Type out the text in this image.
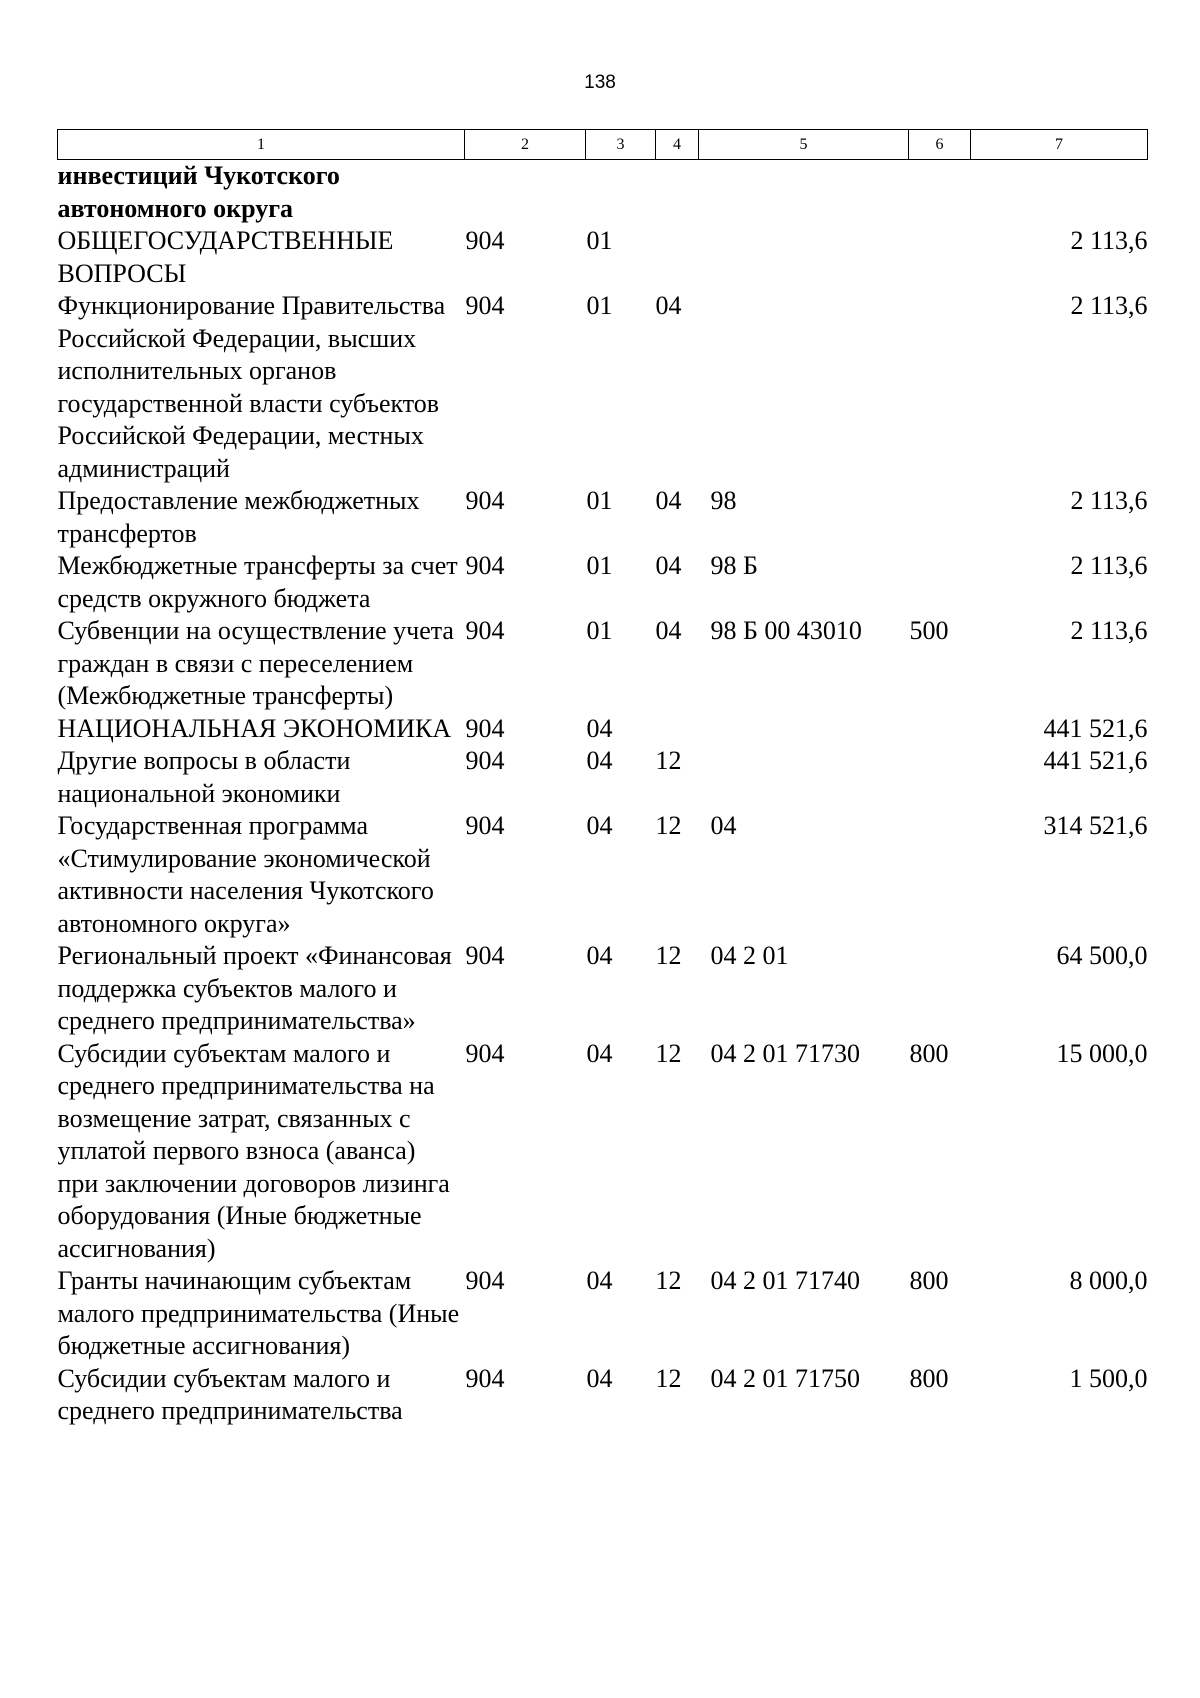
138
1	2	3	4	5	6	7
инвестиций Чукотского автономного округа						
ОБЩЕГОСУДАРСТВЕННЫЕ ВОПРОСЫ	904	01				2 113,6
Функционирование Правительства Российской Федерации, высших исполнительных органов государственной власти субъектов Российской Федерации, местных администраций	904	01	04			2 113,6
Предоставление межбюджетных трансфертов	904	01	04	98		2 113,6
Межбюджетные трансферты за счет средств окружного бюджета	904	01	04	98 Б		2 113,6
Субвенции на осуществление учета граждан в связи с переселением (Межбюджетные трансферты)	904	01	04	98 Б 00 43010	500	2 113,6
НАЦИОНАЛЬНАЯ ЭКОНОМИКА	904	04				441 521,6
Другие вопросы в области национальной экономики	904	04	12			441 521,6
Государственная программа «Стимулирование экономической активности населения Чукотского автономного округа»	904	04	12	04		314 521,6
Региональный проект «Финансовая поддержка субъектов малого и среднего предпринимательства»	904	04	12	04 2 01		64 500,0
Субсидии субъектам малого и среднего предпринимательства на возмещение затрат, связанных с уплатой первого взноса (аванса) при заключении договоров лизинга оборудования (Иные бюджетные ассигнования)	904	04	12	04 2 01 71730	800	15 000,0
Гранты начинающим субъектам малого предпринимательства (Иные бюджетные ассигнования)	904	04	12	04 2 01 71740	800	8 000,0
Субсидии субъектам малого и среднего предпринимательства	904	04	12	04 2 01 71750	800	1 500,0
